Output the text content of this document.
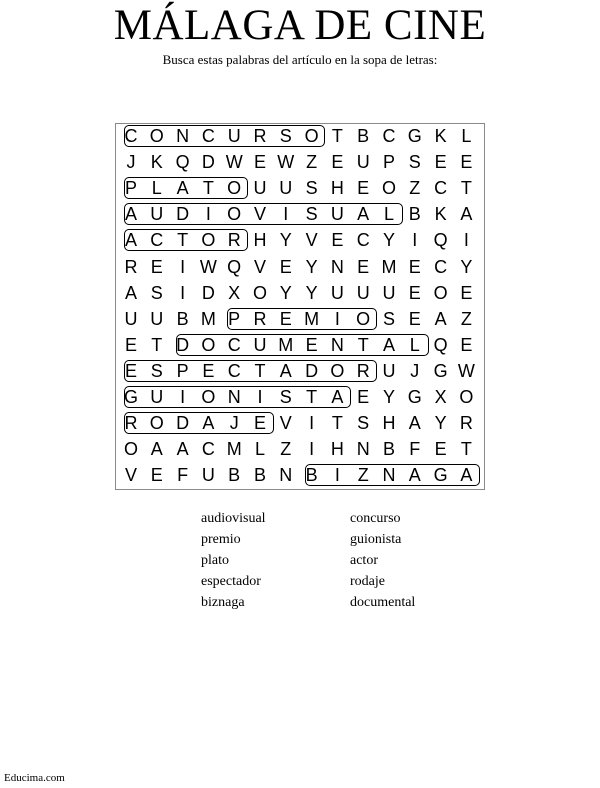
MÁLAGA DE CINE
Busca estas palabras del artículo en la sopa de letras:
C O N C U R S O T B C G K L
J K Q D W E W Z E U P S E E
P L A T O U U S H E O Z C T
A U D I O V I S U A L B K A
A C T O R H Y V E C Y I Q I
R E I W Q V E Y N E M E C Y
A S I D X O Y Y U U U E O E
U U B M P R E M I O S E A Z
E T D O C U M E N T A L Q E
E S P E C T A D O R U J G W
G U I O N I S T A E Y G X O
R O D A J E V I T S H A Y R
O A A C M L Z I H N B F E T
V E F U B B N B I Z N A G A
audiovisual
premio
plato
espectador
biznaga
concurso
guionista
actor
rodaje
documental
Educima.com
